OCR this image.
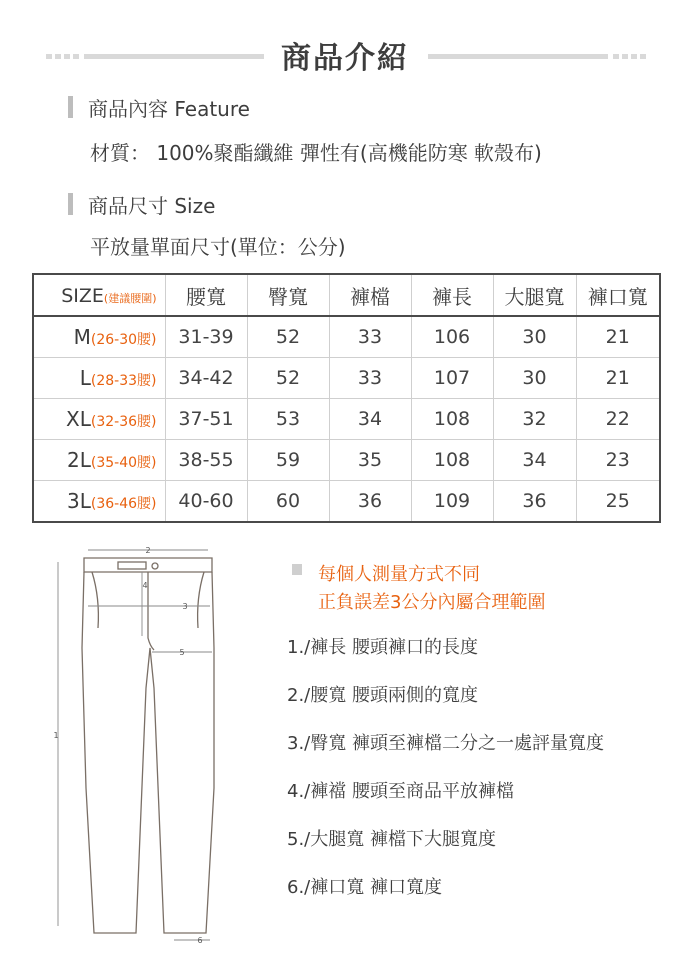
商品介紹
商品內容 Feature
材質： 100%聚酯纖維 彈性有(高機能防寒 軟殼布)
商品尺寸 Size
平放量單面尺寸(單位：公分)
SIZE(建議腰圍)	腰寬	臀寬	褲檔	褲長	大腿寬	褲口寬
M(26-30腰)	31-39	52	33	106	30	21
L(28-33腰)	34-42	52	33	107	30	21
XL(32-36腰)	37-51	53	34	108	32	22
2L(35-40腰)	38-55	59	35	108	34	23
3L(36-46腰)	40-60	60	36	109	36	25
1
2
3
4
5
6
每個人測量方式不同
正負誤差3公分內屬合理範圍
1./褲長 腰頭褲口的長度
2./腰寬 腰頭兩側的寬度
3./臀寬 褲頭至褲檔二分之一處評量寬度
4./褲襠 腰頭至商品平放褲檔
5./大腿寬 褲檔下大腿寬度
6./褲口寬 褲口寬度
